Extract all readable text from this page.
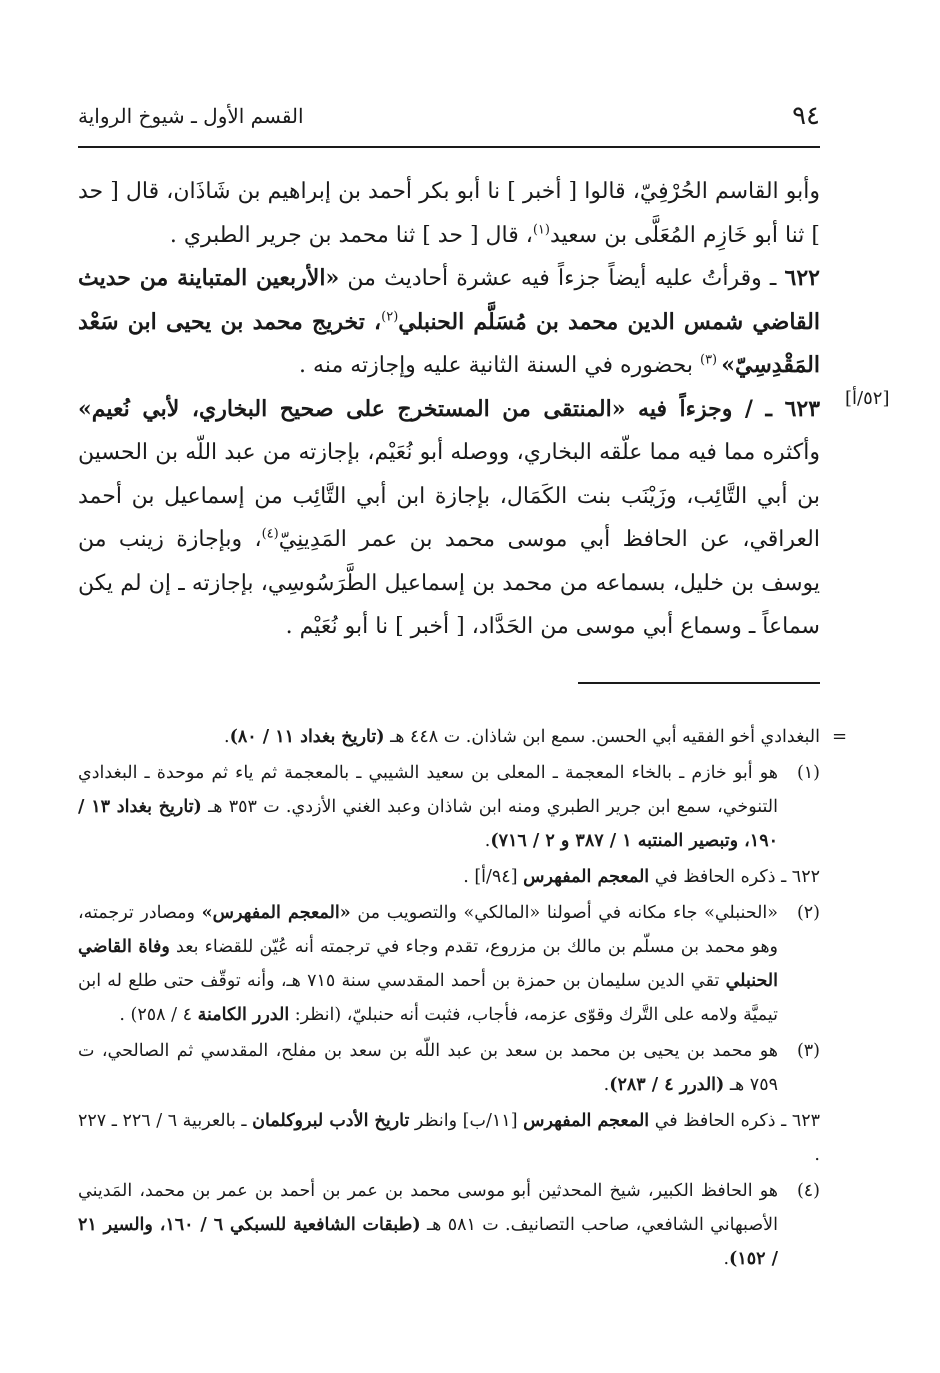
٩٤
القسم الأول ـ شيوخ الرواية
[٥٢/أ]

وأبو القاسم الحُرْفِيّ، قالوا [ أخبر ] نا أبو بكر أحمد بن إبراهيم بن شَاذَان، قال [ حد ] ثنا أبو خَازِم المُعَلَّى بن سعيد$^{(١)}$، قال [ حد ] ثنا محمد بن جرير الطبري .

٦٢٢ ـ وقرأتُ عليه أيضاً جزءاً فيه عشرة أحاديث من «الأربعين المتباينة من حديث القاضي شمس الدين محمد بن مُسَلَّم الحنبلي$^{(٢)}$، تخريج محمد بن يحيى ابن سَعْد المَقْدِسِيّ» $^{(٣)}$ بحضوره في السنة الثانية عليه وإجازته منه .

٦٢٣ ـ / وجزءاً فيه «المنتقى من المستخرج على صحيح البخاري، لأبي نُعيم» وأكثره مما فيه مما علّقه البخاري، ووصله أبو نُعَيْم، بإجازته من عبد اللّه بن الحسين بن أبي التَّائِب، وزَيْنَب بنت الكَمَال، بإجازة ابن أبي التَّائِب من إسماعيل بن أحمد العراقي، عن الحافظ أبي موسى محمد بن عمر المَدِينِيّ$^{(٤)}$، وبإجازة زينب من يوسف بن خليل، بسماعه من محمد بن إسماعيل الطَّرَسُوسِي، بإجازته ـ إن لم يكن سماعاً ـ وسماع أبي موسى من الحَدَّاد، [ أخبر ] نا أبو نُعَيْم .

=
البغدادي أخو الفقيه أبي الحسن. سمع ابن شاذان. ت ٤٤٨ هـ (تاريخ بغداد ١١ / ٨٠).
(١)
هو أبو خازم ـ بالخاء المعجمة ـ المعلى بن سعيد الشيبي ـ بالمعجمة ثم ياء ثم موحدة ـ البغدادي التنوخي، سمع ابن جرير الطبري ومنه ابن شاذان وعبد الغني الأزدي. ت ٣٥٣ هـ (تاريخ بغداد ١٣ / ١٩٠، وتبصير المنتبه ١ / ٣٨٧ و ٢ / ٧١٦).
٦٢٢ ـ ذكره الحافظ في المعجم المفهرس [٩٤/أ] .
(٢)
«الحنبلي» جاء مكانه في أصولنا «المالكي» والتصويب من «المعجم المفهرس» ومصادر ترجمته، وهو محمد بن مسلّم بن مالك بن مزروع، تقدم وجاء في ترجمته أنه عُيّن للقضاء بعد وفاة القاضي الحنبلي تقي الدين سليمان بن حمزة بن أحمد المقدسي سنة ٧١٥ هـ، وأنه توقّف حتى طلع له ابن تيميَّة ولامه على التَّرك وقوّى عزمه، فأجاب، فثبت أنه حنبليّ، (انظر: الدرر الكامنة ٤ / ٢٥٨) .
(٣)
هو محمد بن يحيى بن محمد بن سعد بن عبد اللّه بن سعد بن مفلح، المقدسي ثم الصالحي، ت ٧٥٩ هـ (الدرر ٤ / ٢٨٣).
٦٢٣ ـ ذكره الحافظ في المعجم المفهرس [١١/ب] وانظر تاريخ الأدب لبروكلمان ـ بالعربية ٦ / ٢٢٦ ـ ٢٢٧ .
(٤)
هو الحافظ الكبير، شيخ المحدثين أبو موسى محمد بن عمر بن أحمد بن عمر بن محمد، المَديني الأصبهاني الشافعي، صاحب التصانيف. ت ٥٨١ هـ (طبقات الشافعية للسبكي ٦ / ١٦٠، والسير ٢١ / ١٥٢).
